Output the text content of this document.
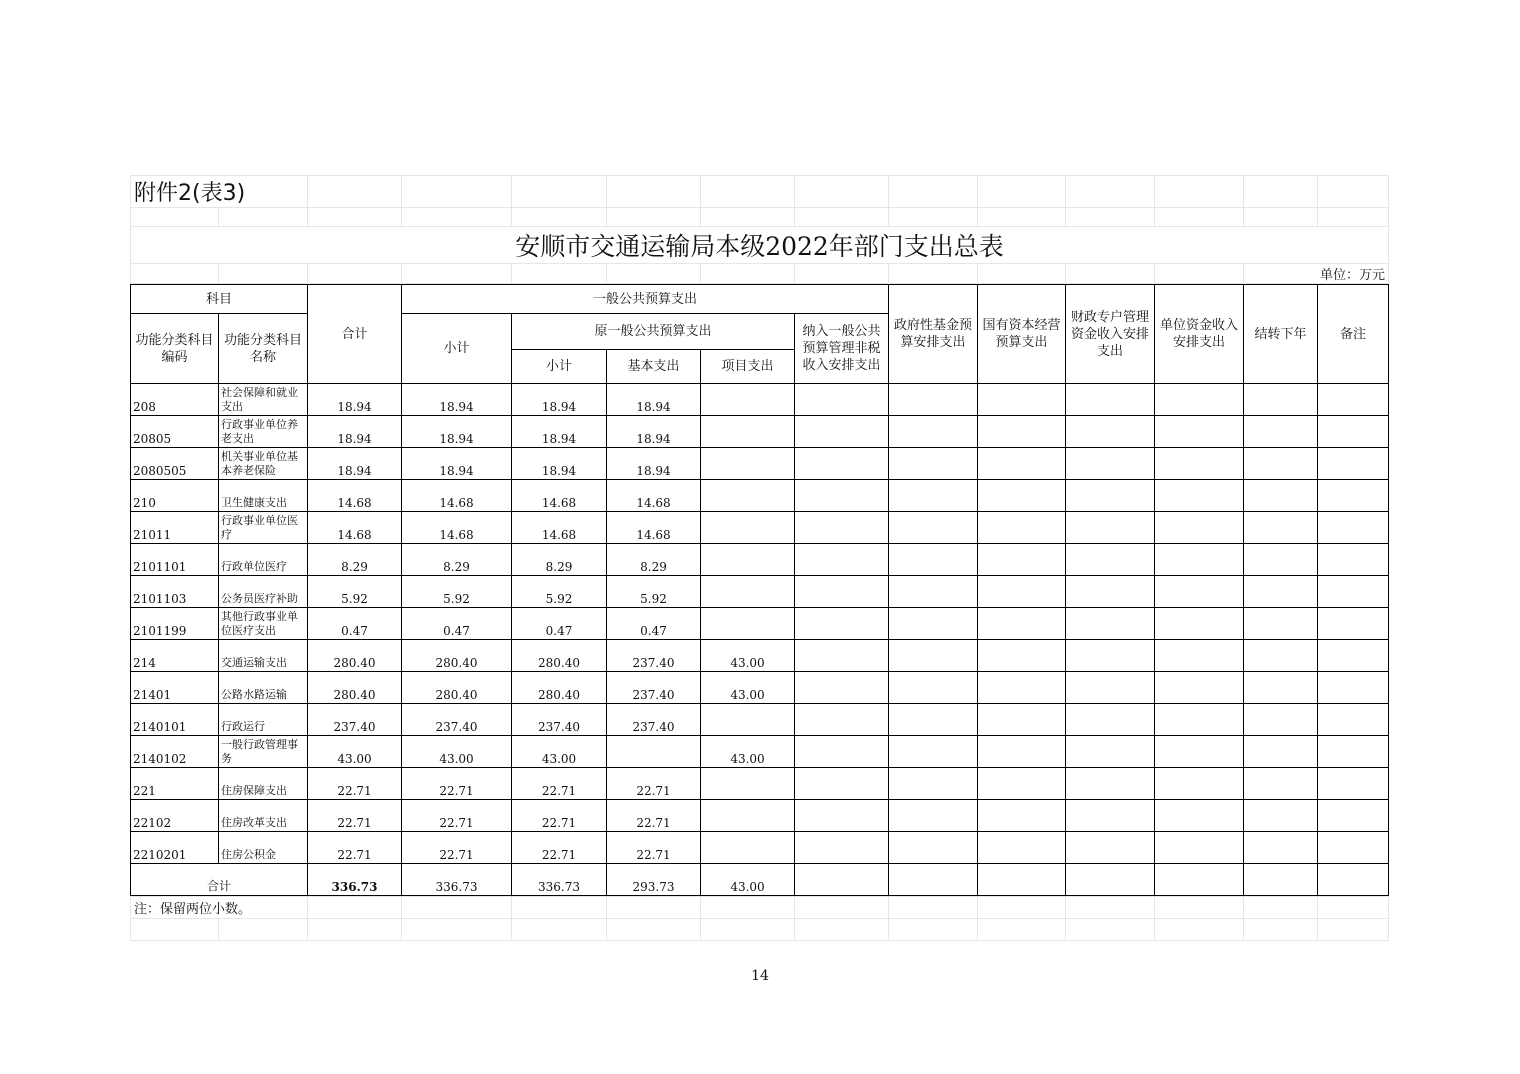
附件2(表3)													

安顺市交通运输局本级2022年部门支出总表													
												单位：万元	
科目		合计	一般公共预算支出					政府性基金预算安排支出	国有资本经营预算支出	财政专户管理资金收入安排支出	单位资金收入安排支出	结转下年	备注
功能分类科目编码	功能分类科目名称		小计	原一般公共预算支出			纳入一般公共预算管理非税收入安排支出						
				小计	基本支出	项目支出							
208	社会保障和就业支出	18.94	18.94	18.94	18.94								
20805	行政事业单位养老支出	18.94	18.94	18.94	18.94								
2080505	机关事业单位基本养老保险	18.94	18.94	18.94	18.94								
210	卫生健康支出	14.68	14.68	14.68	14.68								
21011	行政事业单位医疗	14.68	14.68	14.68	14.68								
2101101	行政单位医疗	8.29	8.29	8.29	8.29								
2101103	公务员医疗补助	5.92	5.92	5.92	5.92								
2101199	其他行政事业单位医疗支出	0.47	0.47	0.47	0.47								
214	交通运输支出	280.40	280.40	280.40	237.40	43.00							
21401	公路水路运输	280.40	280.40	280.40	237.40	43.00							
2140101	行政运行	237.40	237.40	237.40	237.40								
2140102	一般行政管理事务	43.00	43.00	43.00		43.00							
221	住房保障支出	22.71	22.71	22.71	22.71								
22102	住房改革支出	22.71	22.71	22.71	22.71								
2210201	住房公积金	22.71	22.71	22.71	22.71								
合计		336.73	336.73	336.73	293.73	43.00							
注：保留两位小数。													

14
